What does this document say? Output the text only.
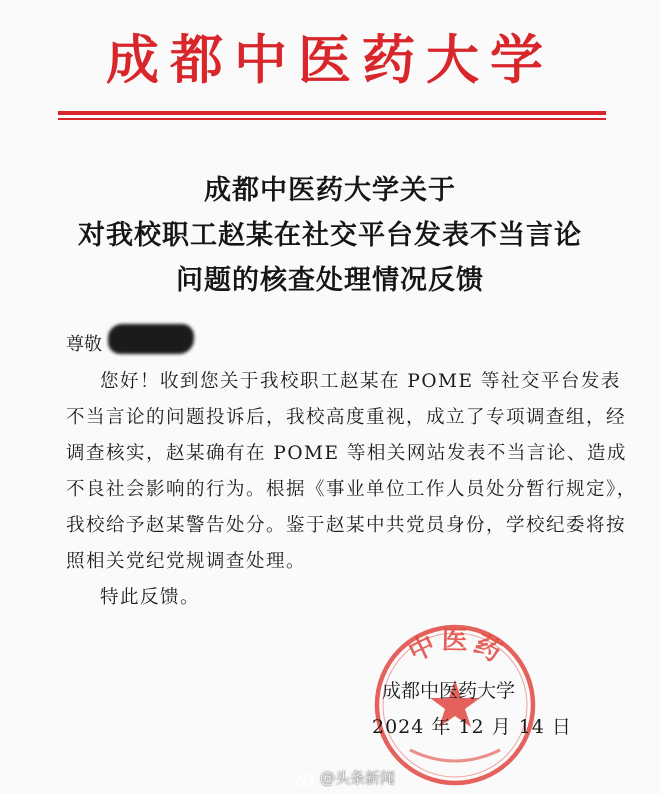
成都中医药大学
成都中医药大学关于
对我校职工赵某在社交平台发表不当言论
问题的核查处理情况反馈
尊敬
您好！收到您关于我校职工赵某在 POME 等社交平台发表
不当言论的问题投诉后，我校高度重视，成立了专项调查组，经
调查核实，赵某确有在 POME 等相关网站发表不当言论、造成
不良社会影响的行为。根据《事业单位工作人员处分暂行规定》，
我校给予赵某警告处分。鉴于赵某中共党员身份，学校纪委将按
照相关党纪党规调查处理。
特此反馈。
中医药
成都中医药大学
2024 年 12 月 14 日
@头条新闻
